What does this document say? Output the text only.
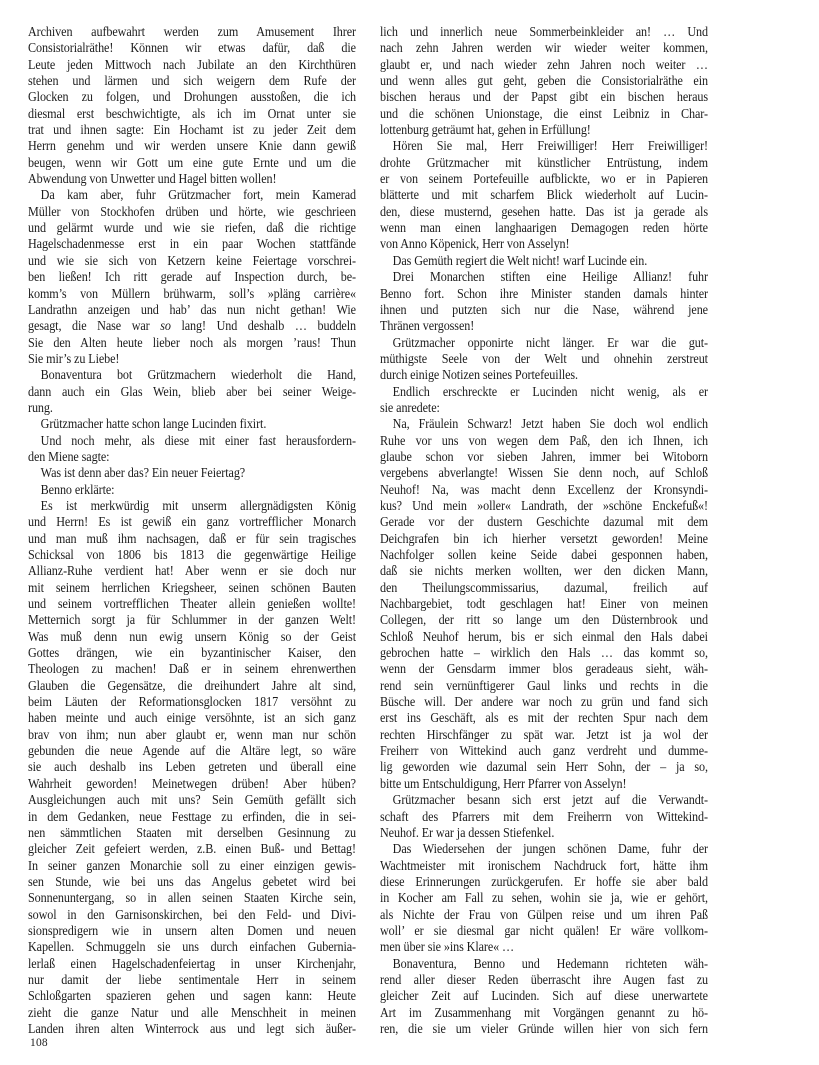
Archiven aufbewahrt werden zum Amusement Ihrer
Consistorialräthe! Können wir etwas dafür, daß die
Leute jeden Mittwoch nach Jubilate an den Kirchthüren
stehen und lärmen und sich weigern dem Rufe der
Glocken zu folgen, und Drohungen ausstoßen, die ich
diesmal erst beschwichtigte, als ich im Ornat unter sie
trat und ihnen sagte: Ein Hochamt ist zu jeder Zeit dem
Herrn genehm und wir werden unsere Knie dann gewiß
beugen, wenn wir Gott um eine gute Ernte und um die
Abwendung von Unwetter und Hagel bitten wollen!
Da kam aber, fuhr Grützmacher fort, mein Kamerad
Müller von Stockhofen drüben und hörte, wie geschrieen
und gelärmt wurde und wie sie riefen, daß die richtige
Hagelschadenmesse erst in ein paar Wochen stattfände
und wie sie sich von Ketzern keine Feiertage vorschrei-
ben ließen! Ich ritt gerade auf Inspection durch, be-
komm’s von Müllern brühwarm, soll’s »pläng carrière«
Landrathn anzeigen und hab’ das nun nicht gethan! Wie
gesagt, die Nase war so lang! Und deshalb … buddeln
Sie den Alten heute lieber noch als morgen ’raus! Thun
Sie mir’s zu Liebe!
Bonaventura bot Grützmachern wiederholt die Hand,
dann auch ein Glas Wein, blieb aber bei seiner Weige-
rung.
Grützmacher hatte schon lange Lucinden fixirt.
Und noch mehr, als diese mit einer fast herausfordern-
den Miene sagte:
Was ist denn aber das? Ein neuer Feiertag?
Benno erklärte:
Es ist merkwürdig mit unserm allergnädigsten König
und Herrn! Es ist gewiß ein ganz vortrefflicher Monarch
und man muß ihm nachsagen, daß er für sein tragisches
Schicksal von 1806 bis 1813 die gegenwärtige Heilige
Allianz-Ruhe verdient hat! Aber wenn er sie doch nur
mit seinem herrlichen Kriegsheer, seinen schönen Bauten
und seinem vortrefflichen Theater allein genießen wollte!
Metternich sorgt ja für Schlummer in der ganzen Welt!
Was muß denn nun ewig unsern König so der Geist
Gottes drängen, wie ein byzantinischer Kaiser, den
Theologen zu machen! Daß er in seinem ehrenwerthen
Glauben die Gegensätze, die dreihundert Jahre alt sind,
beim Läuten der Reformationsglocken 1817 versöhnt zu
haben meinte und auch einige versöhnte, ist an sich ganz
brav von ihm; nun aber glaubt er, wenn man nur schön
gebunden die neue Agende auf die Altäre legt, so wäre
sie auch deshalb ins Leben getreten und überall eine
Wahrheit geworden! Meinetwegen drüben! Aber hüben?
Ausgleichungen auch mit uns? Sein Gemüth gefällt sich
in dem Gedanken, neue Festtage zu erfinden, die in sei-
nen sämmtlichen Staaten mit derselben Gesinnung zu
gleicher Zeit gefeiert werden, z.B. einen Buß- und Bettag!
In seiner ganzen Monarchie soll zu einer einzigen gewis-
sen Stunde, wie bei uns das Angelus gebetet wird bei
Sonnenuntergang, so in allen seinen Staaten Kirche sein,
sowol in den Garnisonskirchen, bei den Feld- und Divi-
sionspredigern wie in unsern alten Domen und neuen
Kapellen. Schmuggeln sie uns durch einfachen Gubernia-
lerlaß einen Hagelschadenfeiertag in unser Kirchenjahr,
nur damit der liebe sentimentale Herr in seinem
Schloßgarten spazieren gehen und sagen kann: Heute
zieht die ganze Natur und alle Menschheit in meinen
Landen ihren alten Winterrock aus und legt sich äußer-
lich und innerlich neue Sommerbeinkleider an! … Und
nach zehn Jahren werden wir wieder weiter kommen,
glaubt er, und nach wieder zehn Jahren noch weiter …
und wenn alles gut geht, geben die Consistorialräthe ein
bischen heraus und der Papst gibt ein bischen heraus
und die schönen Unionstage, die einst Leibniz in Char-
lottenburg geträumt hat, gehen in Erfüllung!
Hören Sie mal, Herr Freiwilliger! Herr Freiwilliger!
drohte Grützmacher mit künstlicher Entrüstung, indem
er von seinem Portefeuille aufblickte, wo er in Papieren
blätterte und mit scharfem Blick wiederholt auf Lucin-
den, diese musternd, gesehen hatte. Das ist ja gerade als
wenn man einen langhaarigen Demagogen reden hörte
von Anno Köpenick, Herr von Asselyn!
Das Gemüth regiert die Welt nicht! warf Lucinde ein.
Drei Monarchen stiften eine Heilige Allianz! fuhr
Benno fort. Schon ihre Minister standen damals hinter
ihnen und putzten sich nur die Nase, während jene
Thränen vergossen!
Grützmacher opponirte nicht länger. Er war die gut-
müthigste Seele von der Welt und ohnehin zerstreut
durch einige Notizen seines Portefeuilles.
Endlich erschreckte er Lucinden nicht wenig, als er
sie anredete:
Na, Fräulein Schwarz! Jetzt haben Sie doch wol endlich
Ruhe vor uns von wegen dem Paß, den ich Ihnen, ich
glaube schon vor sieben Jahren, immer bei Witoborn
vergebens abverlangte! Wissen Sie denn noch, auf Schloß
Neuhof! Na, was macht denn Excellenz der Kronsyndi-
kus? Und mein »oller« Landrath, der »schöne Enckefuß«!
Gerade vor der dustern Geschichte dazumal mit dem
Deichgrafen bin ich hierher versetzt geworden! Meine
Nachfolger sollen keine Seide dabei gesponnen haben,
daß sie nichts merken wollten, wer den dicken Mann,
den Theilungscommissarius, dazumal, freilich auf
Nachbargebiet, todt geschlagen hat! Einer von meinen
Collegen, der ritt so lange um den Düsternbrook und
Schloß Neuhof herum, bis er sich einmal den Hals dabei
gebrochen hatte – wirklich den Hals … das kommt so,
wenn der Gensdarm immer blos geradeaus sieht, wäh-
rend sein vernünftigerer Gaul links und rechts in die
Büsche will. Der andere war noch zu grün und fand sich
erst ins Geschäft, als es mit der rechten Spur nach dem
rechten Hirschfänger zu spät war. Jetzt ist ja wol der
Freiherr von Wittekind auch ganz verdreht und dumme-
lig geworden wie dazumal sein Herr Sohn, der – ja so,
bitte um Entschuldigung, Herr Pfarrer von Asselyn!
Grützmacher besann sich erst jetzt auf die Verwandt-
schaft des Pfarrers mit dem Freiherrn von Wittekind-
Neuhof. Er war ja dessen Stiefenkel.
Das Wiedersehen der jungen schönen Dame, fuhr der
Wachtmeister mit ironischem Nachdruck fort, hätte ihm
diese Erinnerungen zurückgerufen. Er hoffe sie aber bald
in Kocher am Fall zu sehen, wohin sie ja, wie er gehört,
als Nichte der Frau von Gülpen reise und um ihren Paß
woll’ er sie diesmal gar nicht quälen! Er wäre vollkom-
men über sie »ins Klare« …
Bonaventura, Benno und Hedemann richteten wäh-
rend aller dieser Reden überrascht ihre Augen fast zu
gleicher Zeit auf Lucinden. Sich auf diese unerwartete
Art im Zusammenhang mit Vorgängen genannt zu hö-
ren, die sie um vieler Gründe willen hier von sich fern
108
